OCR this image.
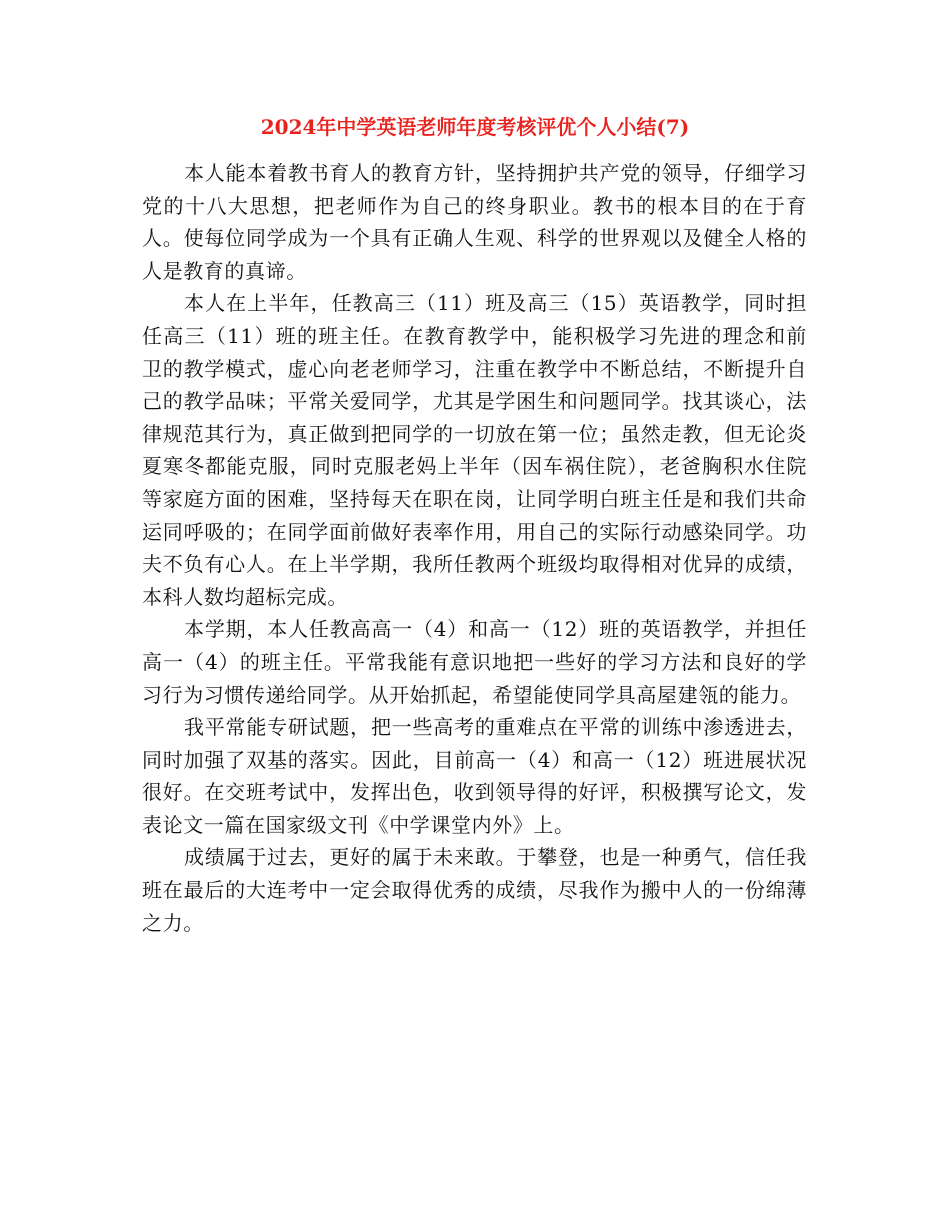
2024年中学英语老师年度考核评优个人小结(7)

本人能本着教书育人的教育方针，坚持拥护共产党的领导，仔细学习党的十八大思想，把老师作为自己的终身职业。教书的根本目的在于育人。使每位同学成为一个具有正确人生观、科学的世界观以及健全人格的人是教育的真谛。

本人在上半年，任教高三（11）班及高三（15）英语教学，同时担任高三（11）班的班主任。在教育教学中，能积极学习先进的理念和前卫的教学模式，虚心向老老师学习，注重在教学中不断总结，不断提升自己的教学品味；平常关爱同学，尤其是学困生和问题同学。找其谈心，法律规范其行为，真正做到把同学的一切放在第一位；虽然走教，但无论炎夏寒冬都能克服，同时克服老妈上半年（因车祸住院），老爸胸积水住院等家庭方面的困难，坚持每天在职在岗，让同学明白班主任是和我们共命运同呼吸的；在同学面前做好表率作用，用自己的实际行动感染同学。功夫不负有心人。在上半学期，我所任教两个班级均取得相对优异的成绩，本科人数均超标完成。

本学期，本人任教高高一（4）和高一（12）班的英语教学，并担任高一（4）的班主任。平常我能有意识地把一些好的学习方法和良好的学习行为习惯传递给同学。从开始抓起，希望能使同学具高屋建瓴的能力。

我平常能专研试题，把一些高考的重难点在平常的训练中渗透进去，同时加强了双基的落实。因此，目前高一（4）和高一（12）班进展状况很好。在交班考试中，发挥出色，收到领导得的好评，积极撰写论文，发表论文一篇在国家级文刊《中学课堂内外》上。

成绩属于过去，更好的属于未来敢。于攀登，也是一种勇气，信任我班在最后的大连考中一定会取得优秀的成绩，尽我作为搬中人的一份绵薄之力。
